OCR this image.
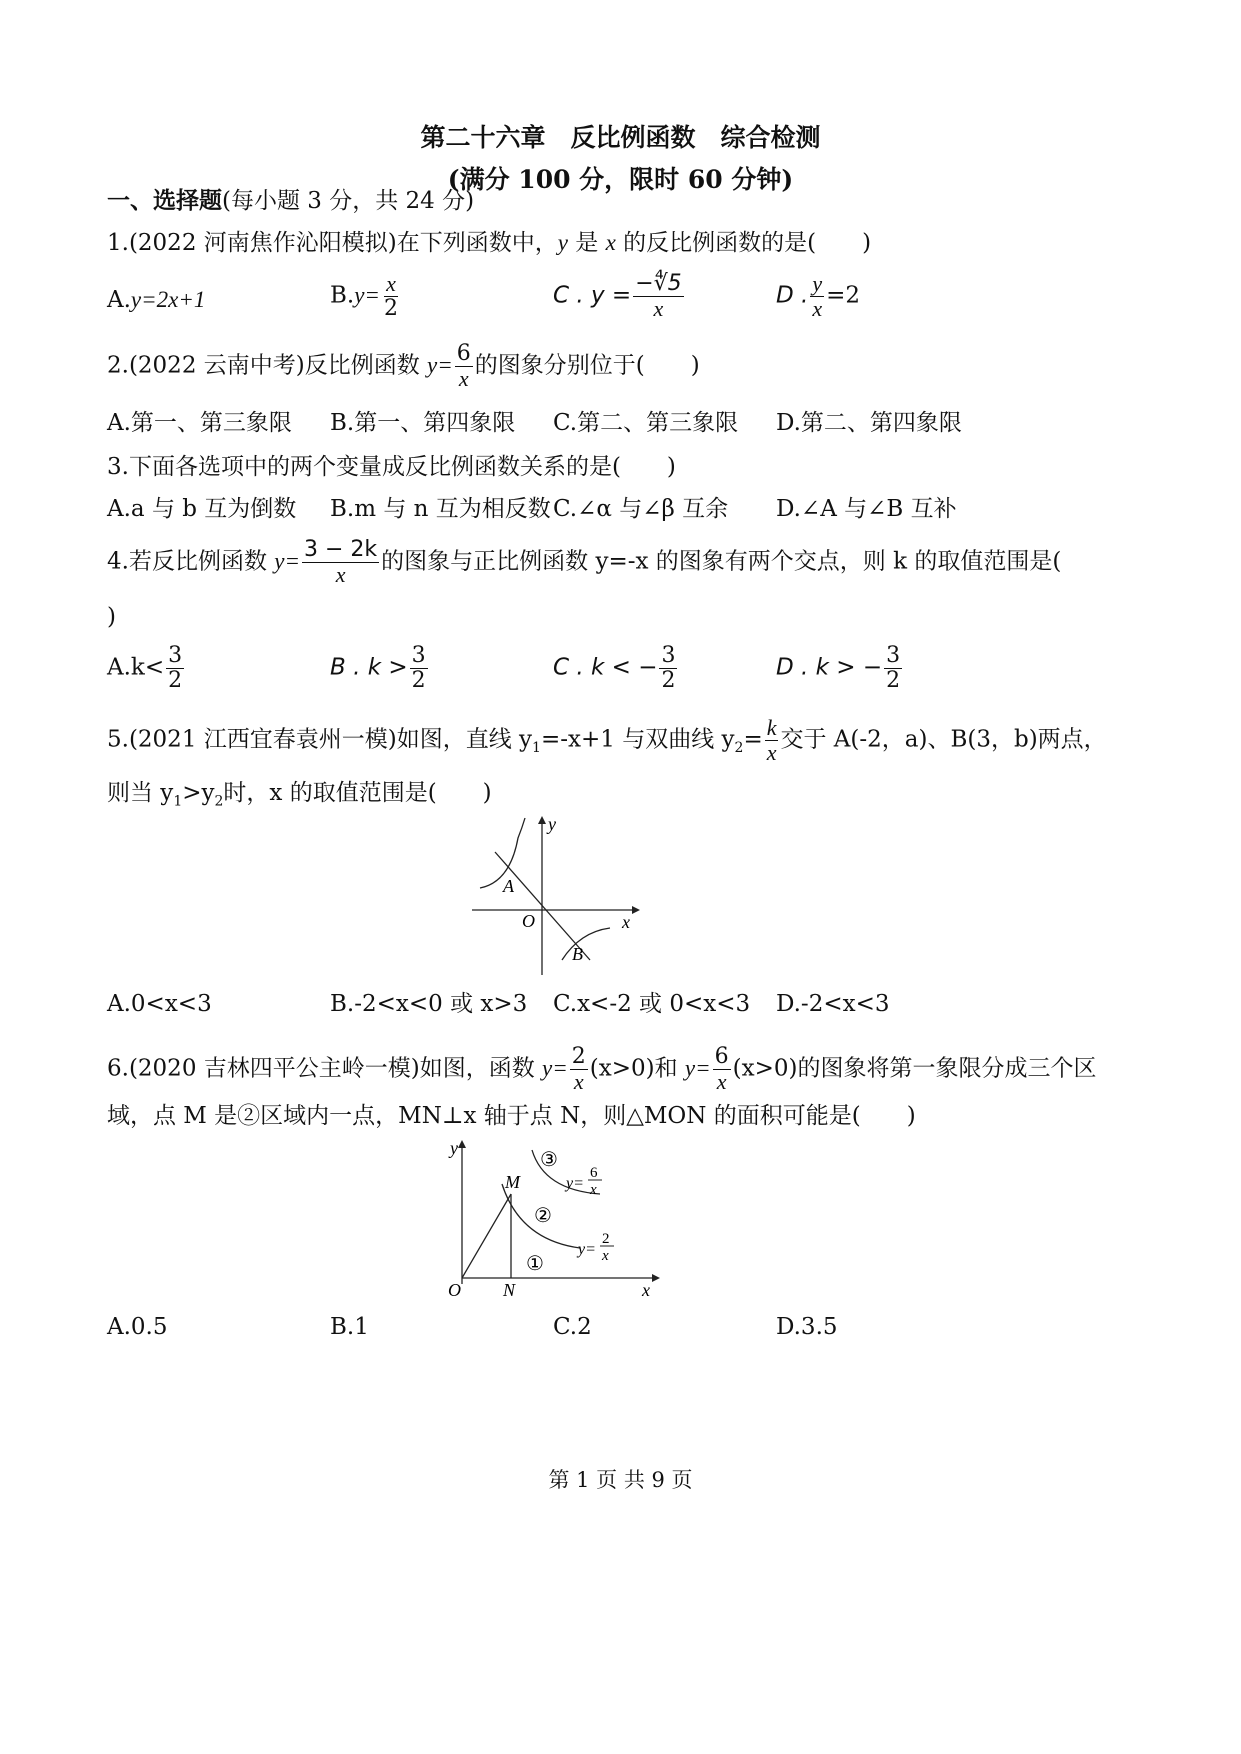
第二十六章　反比例函数　综合检测
(满分 100 分，限时 60 分钟)
一、选择题(每小题 3 分，共 24 分)
1.(2022 河南焦作沁阳模拟)在下列函数中，y 是 x 的反比例函数的是(　　)
A.y=2x+1	$B.y= \frac{x}{2}$	C . $y = \frac{-∜5}{x}$	D . $\frac{y}{x} =2$
2.(2022 云南中考)反比例函数 $y= \frac{6}{x}$ 的图象分别位于(　　)
A.第一、第三象限 B.第一、第四象限 C.第二、第三象限 D.第二、第四象限
3.下面各选项中的两个变量成反比例函数关系的是(　　)
A.a 与 b 互为倒数 B.m 与 n 互为相反数 C.∠α 与∠β 互余 D.∠A 与∠B 互补
4.若反比例函数 $y= \frac{3 - 2k}{x}$ 的图象与正比例函数 y=-x 的图象有两个交点，则 k 的取值范围是(
)
$A.k< \frac{3}{2}$	B . $k > \frac{3}{2}$	C . k < − $\frac{3}{2}$	D . k > − $\frac{3}{2}$
5.(2021 江西宜春袁州一模)如图，直线 $y_1=-x+1$ 与双曲线 $y_2= \frac{k}{x}$ 交于 A(-2，a)、B(3，b)两点，
则当 $y_1>y_2$时，x 的取值范围是(　　)
x
y
O
A
B
A.0<x<3	B.-2<x<0 或 x>3 C.x<-2 或 0<x<3 D.-2<x<3
6.(2020 吉林四平公主岭一模)如图，函数 $y= \frac{2}{x} (x>0)$和 $y= \frac{6}{x} (x>0)$的图象将第一象限分成三个区
域，点 M 是②区域内一点，MN⊥x 轴于点 N，则△MON 的面积可能是(　　)
x
y
O
M
N
①
②
③
y=
6
x
y=
2
x
A.0.5	B.1	C.2	D.3.5
第 1 页 共 9 页
